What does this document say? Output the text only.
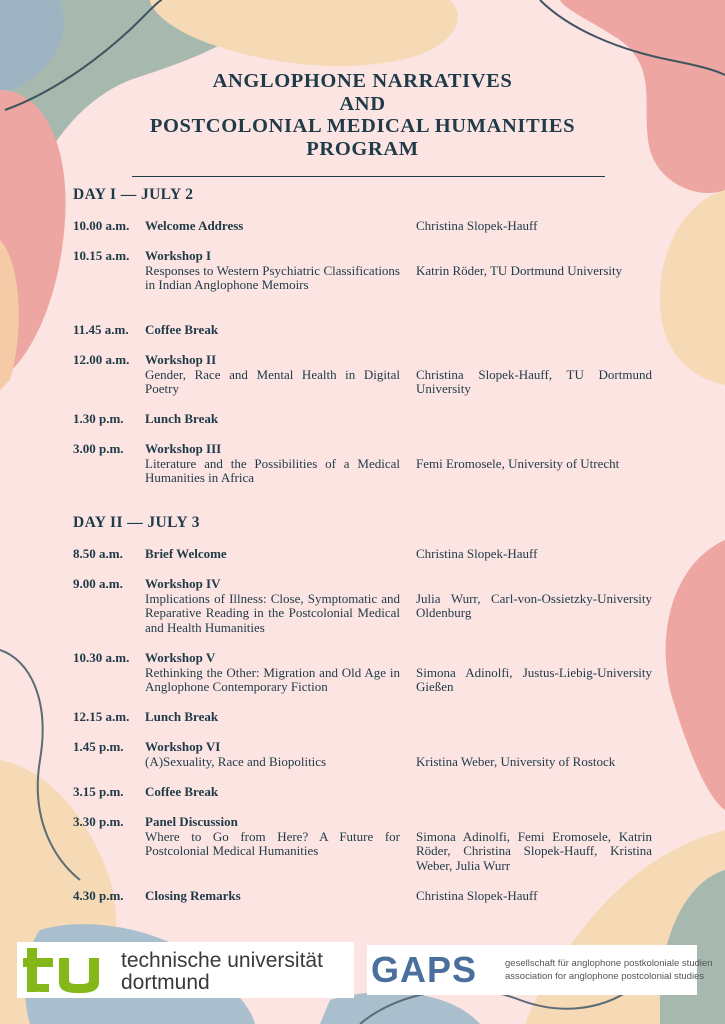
ANGLOPHONE NARRATIVES
AND
POSTCOLONIAL MEDICAL HUMANITIES
PROGRAM
DAY I — JULY 2
10.00 a.m. Welcome Address	Christina Slopek-Hauff
10.15 a.m. Workshop I
Responses to Western Psychiatric Classifications in Indian Anglophone Memoirs
Katrin Röder, TU Dortmund University
11.45 a.m. Coffee Break
12.00 a.m. Workshop II
Gender, Race and Mental Health in Digital Poetry
Christina Slopek-Hauff, TU Dortmund University
1.30 p.m. Lunch Break
3.00 p.m. Workshop III
Literature and the Possibilities of a Medical Humanities in Africa
Femi Eromosele, University of Utrecht
DAY II — JULY 3
8.50 a.m. Brief Welcome	Christina Slopek-Hauff
9.00 a.m. Workshop IV
Implications of Illness: Close, Symptomatic and Reparative Reading in the Postcolonial Medical and Health Humanities
Julia Wurr, Carl-von-Ossietzky-University Oldenburg
10.30 a.m. Workshop V
Rethinking the Other: Migration and Old Age in Anglophone Contemporary Fiction
Simona Adinolfi, Justus-Liebig-University Gießen
12.15 a.m. Lunch Break
1.45 p.m. Workshop VI
(A)Sexuality, Race and Biopolitics	Kristina Weber, University of Rostock
3.15 p.m. Coffee Break
3.30 p.m. Panel Discussion
Where to Go from Here? A Future for Postcolonial Medical Humanities
Simona Adinolfi, Femi Eromosele, Katrin Röder, Christina Slopek-Hauff, Kristina Weber, Julia Wurr
4.30 p.m. Closing Remarks	Christina Slopek-Hauff
technische universität
dortmund	GAPS	gesellschaft für anglophone postkoloniale studien
association for anglophone postcolonial studies
